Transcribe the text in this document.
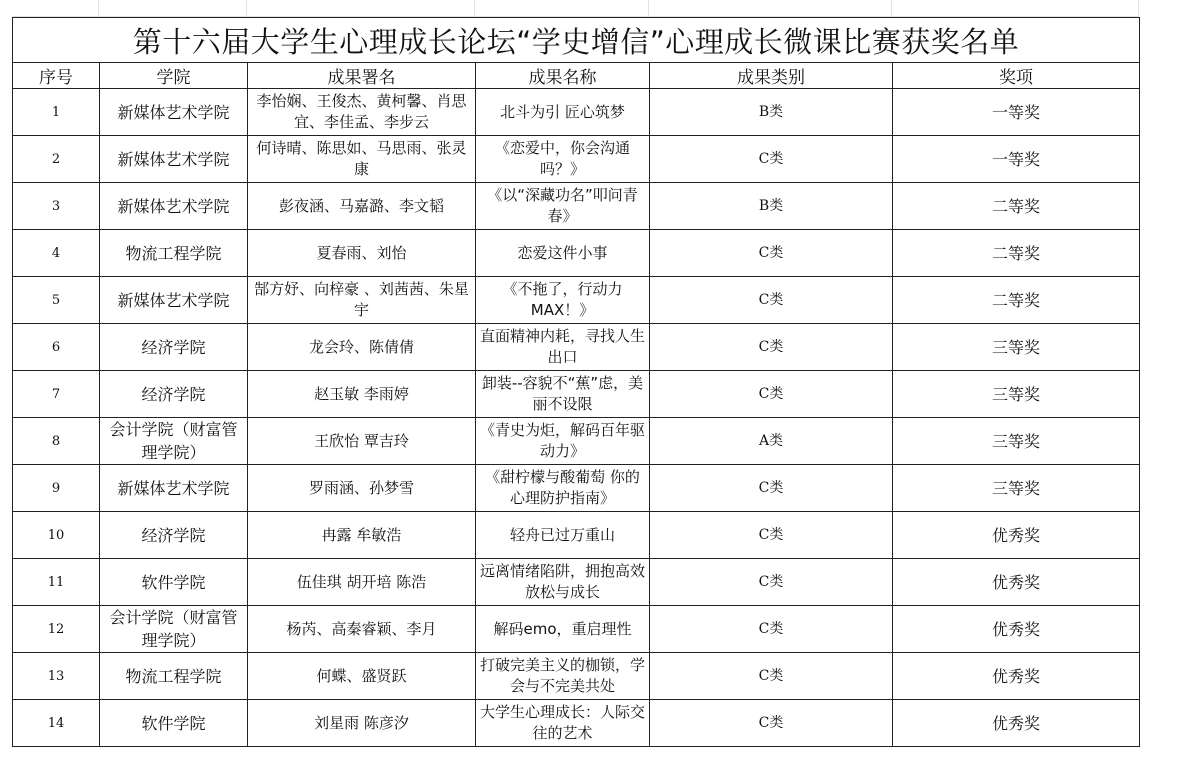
第十六届大学生心理成长论坛“学史增信”心理成长微课比赛获奖名单					
序号	学院	成果署名	成果名称	成果类别	奖项
1	新媒体艺术学院	李怡娴、王俊杰、黄柯馨、肖思宜、李佳孟、李步云	北斗为引 匠心筑梦	B类	一等奖
2	新媒体艺术学院	何诗晴、陈思如、马思雨、张灵康	《恋爱中，你会沟通吗？》	C类	一等奖
3	新媒体艺术学院	彭夜涵、马嘉潞、李文韬	《以“深藏功名”叩问青春》	B类	二等奖
4	物流工程学院	夏春雨、刘怡	恋爱这件小事	C类	二等奖
5	新媒体艺术学院	郜方妤、向梓豪 、刘茜茜、朱星宇	《不拖了，行动力MAX！》	C类	二等奖
6	经济学院	龙会玲、陈倩倩	直面精神内耗，寻找人生出口	C类	三等奖
7	经济学院	赵玉敏 李雨婷	卸装--容貌不“蕉”虑，美丽不设限	C类	三等奖
8	会计学院（财富管理学院）	王欣怡 覃吉玲	《青史为炬，解码百年驱动力》	A类	三等奖
9	新媒体艺术学院	罗雨涵、孙梦雪	《甜柠檬与酸葡萄 你的心理防护指南》	C类	三等奖
10	经济学院	冉露 牟敏浩	轻舟已过万重山	C类	优秀奖
11	软件学院	伍佳琪 胡开培 陈浩	远离情绪陷阱，拥抱高效放松与成长	C类	优秀奖
12	会计学院（财富管理学院）	杨芮、高秦睿颖、李月	解码emo，重启理性	C类	优秀奖
13	物流工程学院	何蝶、盛贤跃	打破完美主义的枷锁，学会与不完美共处	C类	优秀奖
14	软件学院	刘星雨 陈彦汐	大学生心理成长：人际交往的艺术	C类	优秀奖
